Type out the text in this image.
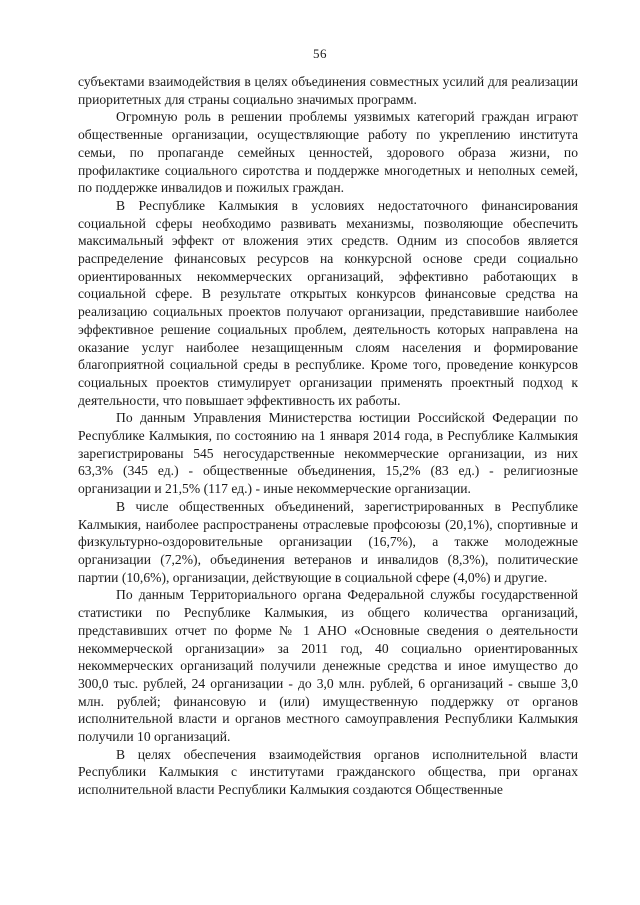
56

субъектами взаимодействия в целях объединения совместных усилий для реализации приоритетных для страны социально значимых программ.

Огромную роль в решении проблемы уязвимых категорий граждан играют общественные организации, осуществляющие работу по укреплению института семьи, по пропаганде семейных ценностей, здорового образа жизни, по профилактике социального сиротства и поддержке многодетных и неполных семей, по поддержке инвалидов и пожилых граждан.

В Республике Калмыкия в условиях недостаточного финансирования социальной сферы необходимо развивать механизмы, позволяющие обеспечить максимальный эффект от вложения этих средств. Одним из способов является распределение финансовых ресурсов на конкурсной основе среди социально ориентированных некоммерческих организаций, эффективно работающих в социальной сфере. В результате открытых конкурсов финансовые средства на реализацию социальных проектов получают организации, представившие наиболее эффективное решение социальных проблем, деятельность которых направлена на оказание услуг наиболее незащищенным слоям населения и формирование благоприятной социальной среды в республике. Кроме того, проведение конкурсов социальных проектов стимулирует организации применять проектный подход к деятельности, что повышает эффективность их работы.

По данным Управления Министерства юстиции Российской Федерации по Республике Калмыкия, по состоянию на 1 января 2014 года, в Республике Калмыкия зарегистрированы 545 негосударственные некоммерческие организации, из них 63,3% (345 ед.) - общественные объединения, 15,2% (83 ед.) - религиозные организации и 21,5% (117 ед.) - иные некоммерческие организации.

В числе общественных объединений, зарегистрированных в Республике Калмыкия, наиболее распространены отраслевые профсоюзы (20,1%), спортивные и физкультурно-оздоровительные организации (16,7%), а также молодежные организации (7,2%), объединения ветеранов и инвалидов (8,3%), политические партии (10,6%), организации, действующие в социальной сфере (4,0%) и другие.

По данным Территориального органа Федеральной службы государственной статистики по Республике Калмыкия, из общего количества организаций, представивших отчет по форме № 1 АНО «Основные сведения о деятельности некоммерческой организации» за 2011 год, 40 социально ориентированных некоммерческих организаций получили денежные средства и иное имущество до 300,0 тыс. рублей, 24 организации - до 3,0 млн. рублей, 6 организаций - свыше 3,0 млн. рублей; финансовую и (или) имущественную поддержку от органов исполнительной власти и органов местного самоуправления Республики Калмыкия получили 10 организаций.

В целях обеспечения взаимодействия органов исполнительной власти Республики Калмыкия с институтами гражданского общества, при органах исполнительной власти Республики Калмыкия создаются Общественные
